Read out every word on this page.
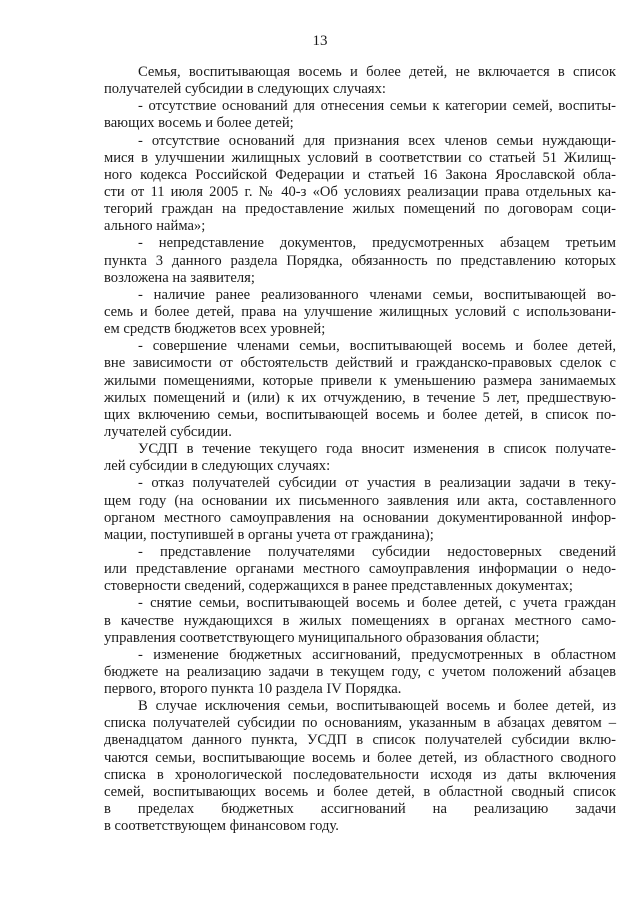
13
Семья, воспитывающая восемь и более детей, не включается в список
получателей субсидии в следующих случаях:
- отсутствие оснований для отнесения семьи к категории семей, воспиты-
вающих восемь и более детей;
- отсутствие оснований для признания всех членов семьи нуждающи-
мися в улучшении жилищных условий в соответствии со статьей 51 Жилищ-
ного кодекса Российской Федерации и статьей 16 Закона Ярославской обла-
сти от 11 июля 2005 г. № 40-з «Об условиях реализации права отдельных ка-
тегорий граждан на предоставление жилых помещений по договорам соци-
ального найма»;
- непредставление документов, предусмотренных абзацем третьим
пункта 3 данного раздела Порядка, обязанность по представлению которых
возложена на заявителя;
- наличие ранее реализованного членами семьи, воспитывающей во-
семь и более детей, права на улучшение жилищных условий с использовани-
ем средств бюджетов всех уровней;
- совершение членами семьи, воспитывающей восемь и более детей,
вне зависимости от обстоятельств действий и гражданско-правовых сделок с
жилыми помещениями, которые привели к уменьшению размера занимаемых
жилых помещений и (или) к их отчуждению, в течение 5 лет, предшествую-
щих включению семьи, воспитывающей восемь и более детей, в список по-
лучателей субсидии.
УСДП в течение текущего года вносит изменения в список получате-
лей субсидии в следующих случаях:
- отказ получателей субсидии от участия в реализации задачи в теку-
щем году (на основании их письменного заявления или акта, составленного
органом местного самоуправления на основании документированной инфор-
мации, поступившей в органы учета от гражданина);
- представление получателями субсидии недостоверных сведений
или представление органами местного самоуправления информации о недо-
стоверности сведений, содержащихся в ранее представленных документах;
- снятие семьи, воспитывающей восемь и более детей, с учета граждан
в качестве нуждающихся в жилых помещениях в органах местного само-
управления соответствующего муниципального образования области;
- изменение бюджетных ассигнований, предусмотренных в областном
бюджете на реализацию задачи в текущем году, с учетом положений абзацев
первого, второго пункта 10 раздела IV Порядка.
В случае исключения семьи, воспитывающей восемь и более детей, из
списка получателей субсидии по основаниям, указанным в абзацах девятом –
двенадцатом данного пункта, УСДП в список получателей субсидии вклю-
чаются семьи, воспитывающие восемь и более детей, из областного сводного
списка в хронологической последовательности исходя из даты включения
семей, воспитывающих восемь и более детей, в областной сводный список
в пределах бюджетных ассигнований на реализацию задачи
в соответствующем финансовом году.
